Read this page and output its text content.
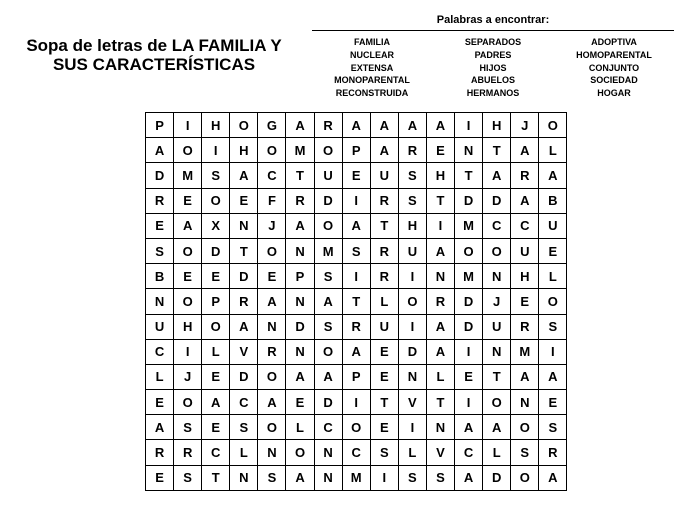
Sopa de letras de LA FAMILIA Y
SUS CARACTERÍSTICAS
Palabras a encontrar:
FAMILIA
NUCLEAR
EXTENSA
MONOPARENTAL
RECONSTRUIDA
SEPARADOS
PADRES
HIJOS
ABUELOS
HERMANOS
ADOPTIVA
HOMOPARENTAL
CONJUNTO
SOCIEDAD
HOGAR
P	I	H	O	G	A	R	A	A	A	A	I	H	J	O
A	O	I	H	O	M	O	P	A	R	E	N	T	A	L
D	M	S	A	C	T	U	E	U	S	H	T	A	R	A
R	E	O	E	F	R	D	I	R	S	T	D	D	A	B
E	A	X	N	J	A	O	A	T	H	I	M	C	C	U
S	O	D	T	O	N	M	S	R	U	A	O	O	U	E
B	E	E	D	E	P	S	I	R	I	N	M	N	H	L
N	O	P	R	A	N	A	T	L	O	R	D	J	E	O
U	H	O	A	N	D	S	R	U	I	A	D	U	R	S
C	I	L	V	R	N	O	A	E	D	A	I	N	M	I
L	J	E	D	O	A	A	P	E	N	L	E	T	A	A
E	O	A	C	A	E	D	I	T	V	T	I	O	N	E
A	S	E	S	O	L	C	O	E	I	N	A	A	O	S
R	R	C	L	N	O	N	C	S	L	V	C	L	S	R
E	S	T	N	S	A	N	M	I	S	S	A	D	O	A
